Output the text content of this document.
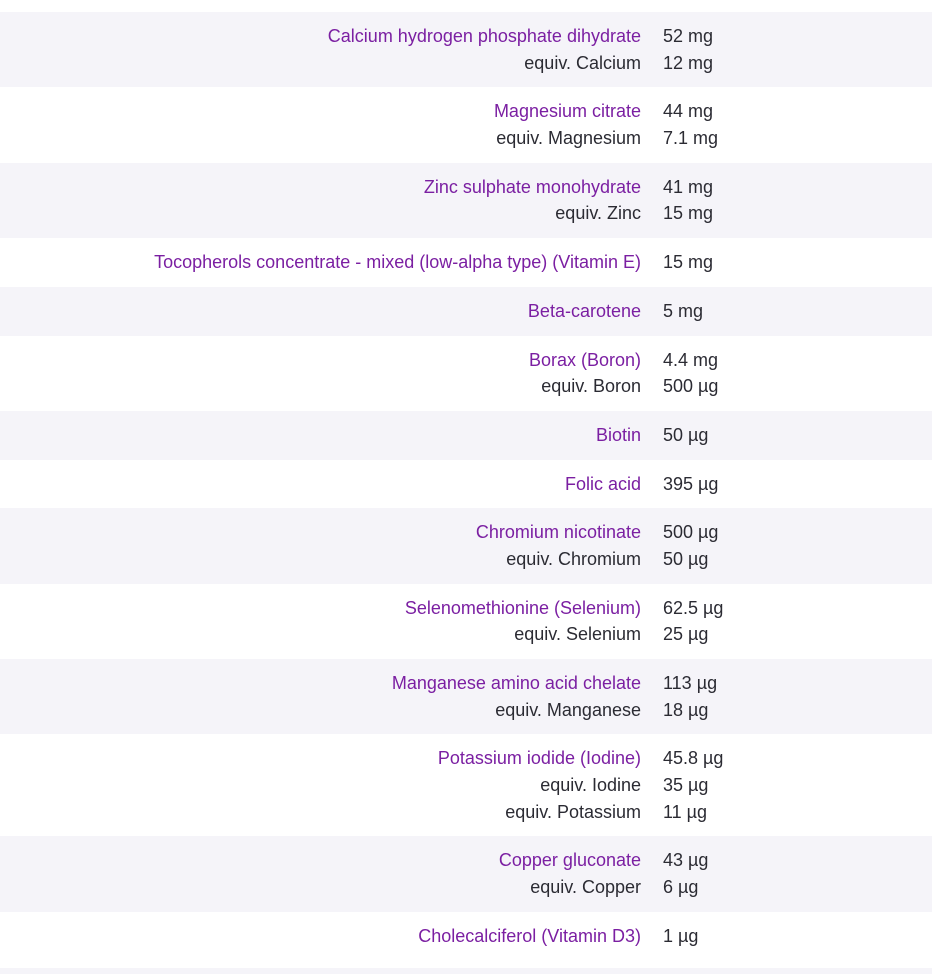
Calcium hydrogen phosphate dihydrate
equiv. Calcium
52 mg
12 mg
Magnesium citrate
equiv. Magnesium
44 mg
7.1 mg
Zinc sulphate monohydrate
equiv. Zinc
41 mg
15 mg
Tocopherols concentrate - mixed (low-alpha type) (Vitamin E) 15 mg
Beta-carotene 5 mg
Borax (Boron)
equiv. Boron
4.4 mg
500 µg
Biotin 50 µg
Folic acid 395 µg
Chromium nicotinate
equiv. Chromium
500 µg
50 µg
Selenomethionine (Selenium)
equiv. Selenium
62.5 µg
25 µg
Manganese amino acid chelate
equiv. Manganese
113 µg
18 µg
Potassium iodide (Iodine)
equiv. Iodine
equiv. Potassium
45.8 µg
35 µg
11 µg
Copper gluconate
equiv. Copper
43 µg
6 µg
Cholecalciferol (Vitamin D3) 1 µg
